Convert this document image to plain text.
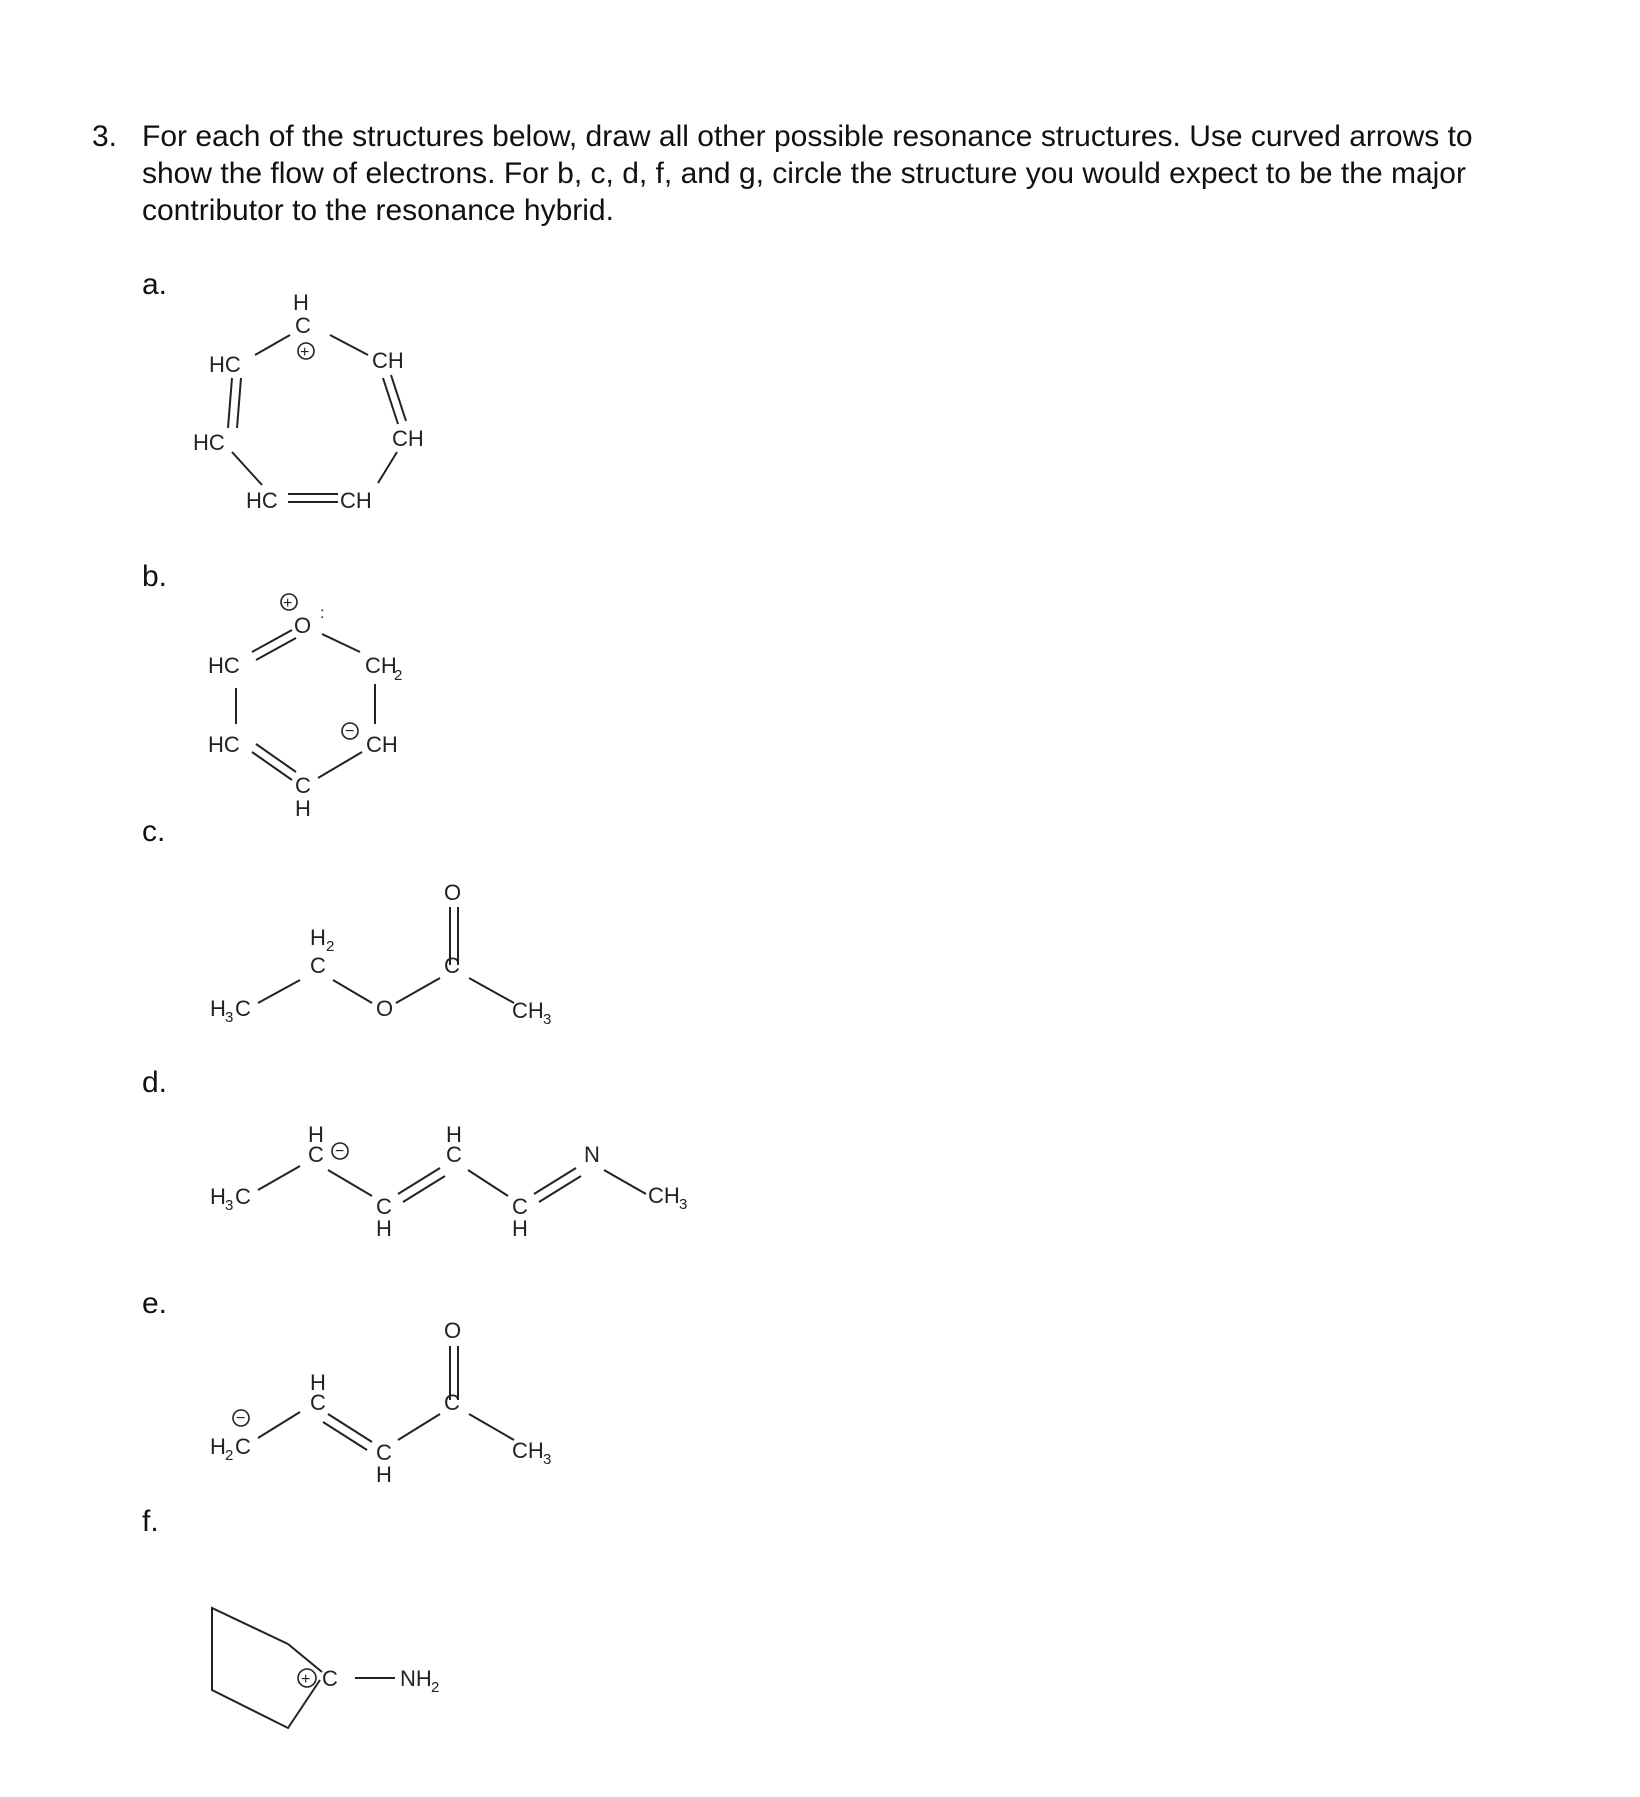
3. For each of the structures below, draw all other possible resonance structures. Use curved arrows to show the flow of electrons. For b, c, d, f, and g, circle the structure you would expect to be the major contributor to the resonance hybrid.
a.
b.
c.
d.
e.
f.
HC
H
C
+	CH
HC	CH
HC	CH
+
O :
HC	CH
2
HC
−
CH
C
H
H 3 C
H 2
C
O
C
O
CH 3
H 3 C
H
C −
C
H
H
C
C
H
N
CH 3
−
H 2 C
H
C
C
H
C
O
CH 3
+ C	NH 2
